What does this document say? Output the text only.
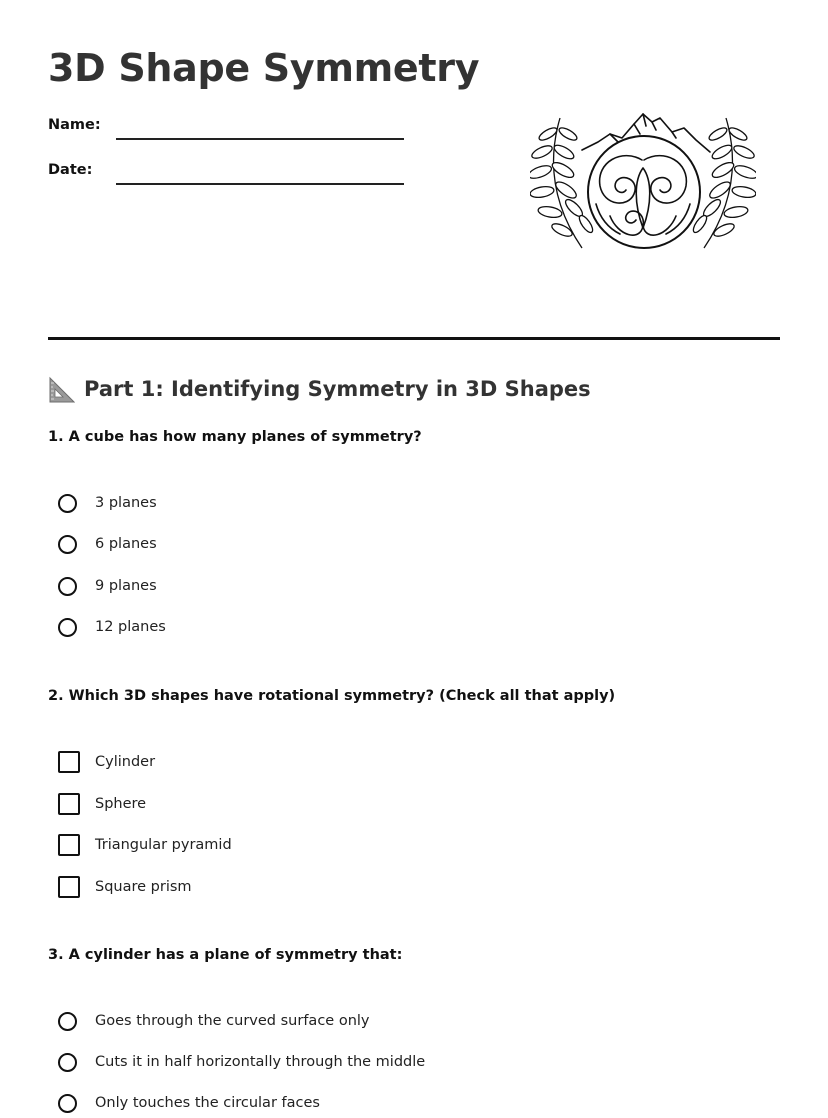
3D Shape Symmetry
Name:
Date:
Part 1: Identifying Symmetry in 3D Shapes
1. A cube has how many planes of symmetry?
3 planes
6 planes
9 planes
12 planes
2. Which 3D shapes have rotational symmetry? (Check all that apply)
Cylinder
Sphere
Triangular pyramid
Square prism
3. A cylinder has a plane of symmetry that:
Goes through the curved surface only
Cuts it in half horizontally through the middle
Only touches the circular faces
